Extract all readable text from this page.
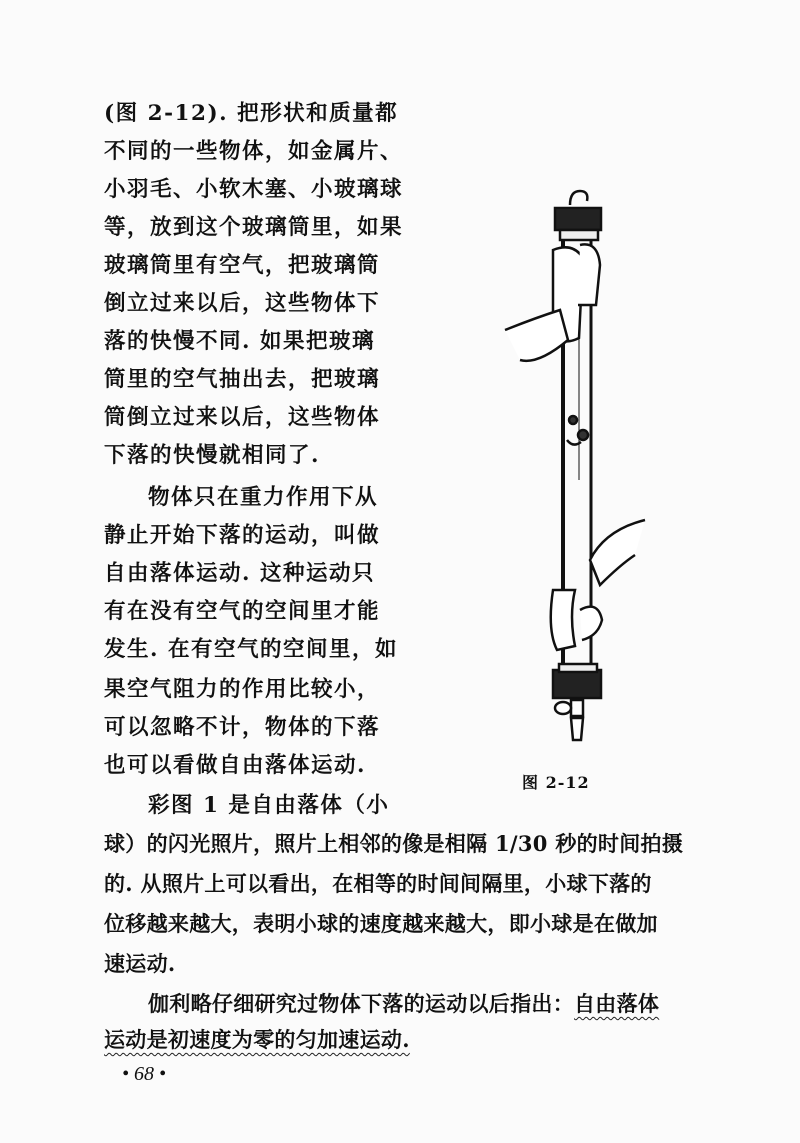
(图 2-12). 把形状和质量都
不同的一些物体，如金属片、
小羽毛、小软木塞、小玻璃球
等，放到这个玻璃筒里，如果
玻璃筒里有空气，把玻璃筒
倒立过来以后，这些物体下
落的快慢不同. 如果把玻璃
筒里的空气抽出去，把玻璃
筒倒立过来以后，这些物体
下落的快慢就相同了.
物体只在重力作用下从
静止开始下落的运动，叫做
自由落体运动. 这种运动只
有在没有空气的空间里才能
发生. 在有空气的空间里，如
果空气阻力的作用比较小，
可以忽略不计，物体的下落
也可以看做自由落体运动.
彩图 1 是自由落体（小
球）的闪光照片，照片上相邻的像是相隔 1/30 秒的时间拍摄
的. 从照片上可以看出，在相等的时间间隔里，小球下落的
位移越来越大，表明小球的速度越来越大，即小球是在做加
速运动.
伽利略仔细研究过物体下落的运动以后指出：自由落体
运动是初速度为零的匀加速运动.
图 2-12
• 68 •
